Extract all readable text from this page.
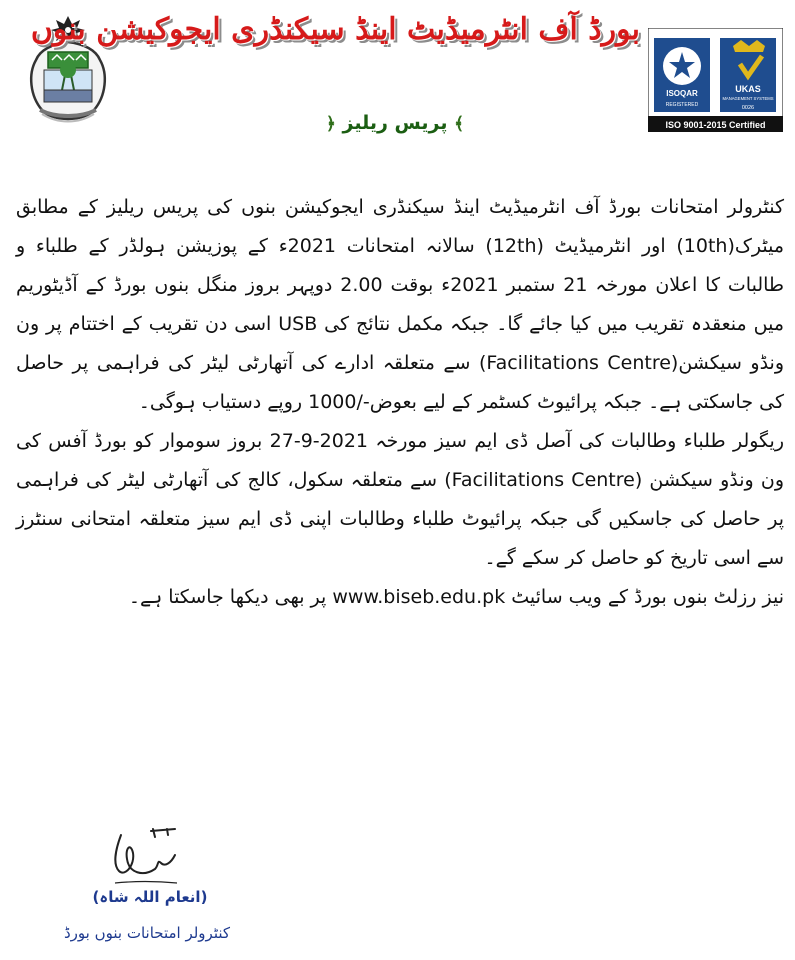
بورڈ آف انٹرمیڈیٹ اینڈ سیکنڈری ایجوکیشن بنوں
ISOQAR
REGISTERED
UKAS
MANAGEMENT SYSTEMS
0026
ISO 9001-2015 Certified
﴾ پریس ریلیز ﴿

کنٹرولر امتحانات بورڈ آف انٹرمیڈیٹ اینڈ سیکنڈری ایجوکیشن بنوں کی پریس ریلیز کے مطابق میٹرک(10th) اور انٹرمیڈیٹ (12th) سالانہ امتحانات 2021ء کے پوزیشن ہولڈر کے طلباء و طالبات کا اعلان مورخہ 21 ستمبر 2021ء بوقت 2.00 دوپہر بروز منگل بنوں بورڈ کے آڈیٹوریم میں منعقدہ تقریب میں کیا جائے گا۔ جبکہ مکمل نتائج کی USB اسی دن تقریب کے اختتام پر ون ونڈو سیکشن(Facilitations Centre) سے متعلقہ ادارے کی آتھارٹی لیٹر کی فراہمی پر حاصل کی جاسکتی ہے۔ جبکہ پرائیوٹ کسٹمر کے لیے بعوض-/1000 روپے دستیاب ہوگی۔

ریگولر طلباء وطالبات کی آصل ڈی ایم سیز مورخہ 2021-9-27 بروز سوموار کو بورڈ آفس کی ون ونڈو سیکشن (Facilitations Centre) سے متعلقہ سکول، کالج کی آتھارٹی لیٹر کی فراہمی پر حاصل کی جاسکیں گی جبکہ پرائیوٹ طلباء وطالبات اپنی ڈی ایم سیز متعلقہ امتحانی سنٹرز سے اسی تاریخ کو حاصل کر سکے گے۔

نیز رزلٹ بنوں بورڈ کے ویب سائیٹ www.biseb.edu.pk پر بھی دیکھا جاسکتا ہے۔

(انعام اللہ شاہ)
کنٹرولر امتحانات بنوں بورڈ
